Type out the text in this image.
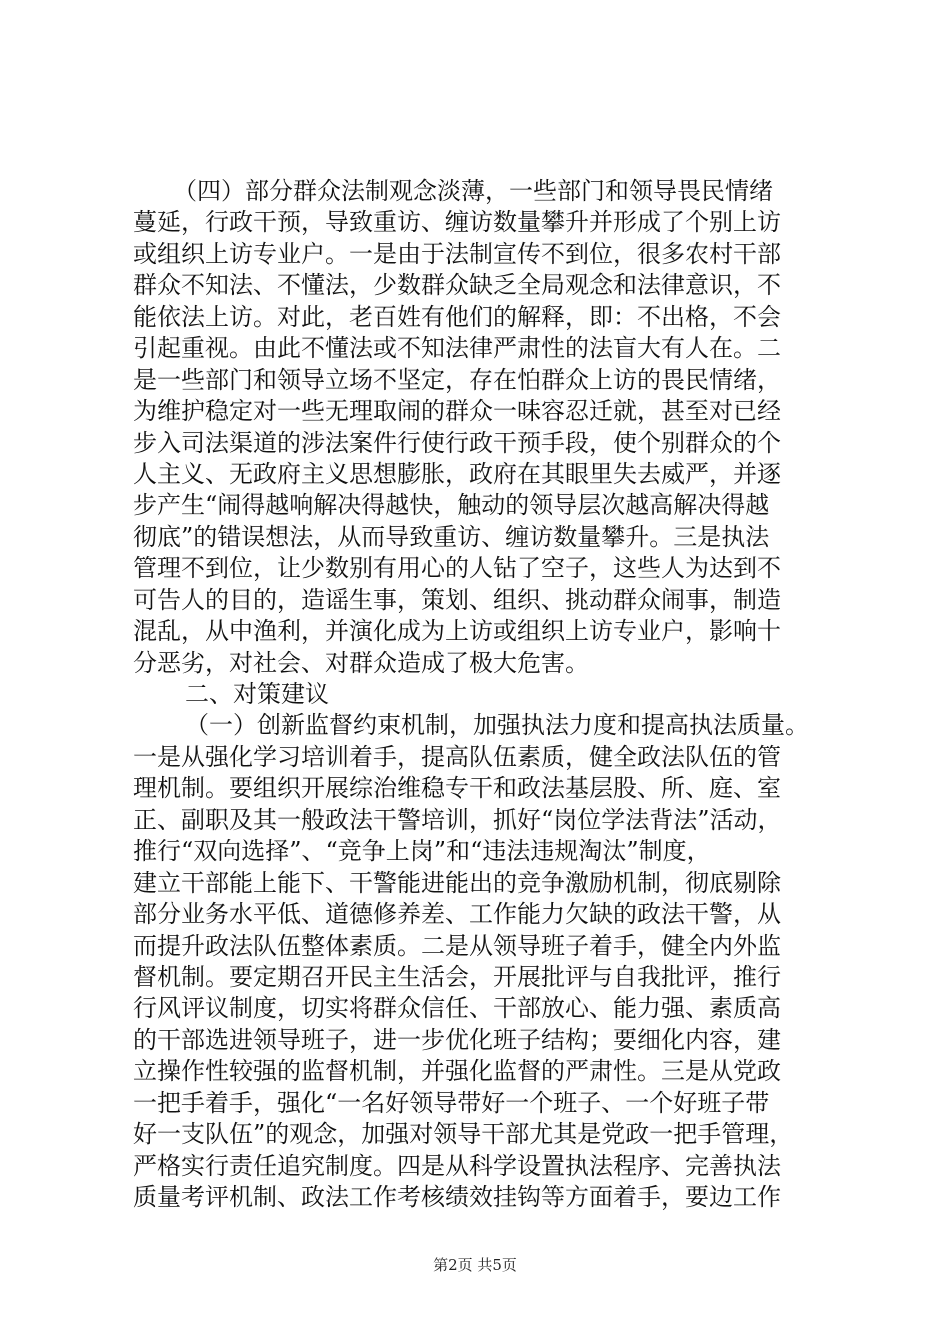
（四）部分群众法制观念淡薄，一些部门和领导畏民情绪
蔓延，行政干预，导致重访、缠访数量攀升并形成了个别上访
或组织上访专业户。一是由于法制宣传不到位，很多农村干部
群众不知法、不懂法，少数群众缺乏全局观念和法律意识，不
能依法上访。对此，老百姓有他们的解释，即：不出格，不会
引起重视。由此不懂法或不知法律严肃性的法盲大有人在。二
是一些部门和领导立场不坚定，存在怕群众上访的畏民情绪，
为维护稳定对一些无理取闹的群众一味容忍迁就，甚至对已经
步入司法渠道的涉法案件行使行政干预手段，使个别群众的个
人主义、无政府主义思想膨胀，政府在其眼里失去威严，并逐
步产生“闹得越响解决得越快，触动的领导层次越高解决得越
彻底”的错误想法，从而导致重访、缠访数量攀升。三是执法
管理不到位，让少数别有用心的人钻了空子，这些人为达到不
可告人的目的，造谣生事，策划、组织、挑动群众闹事，制造
混乱，从中渔利，并演化成为上访或组织上访专业户，影响十
分恶劣，对社会、对群众造成了极大危害。
二、对策建议
（一）创新监督约束机制，加强执法力度和提高执法质量。
一是从强化学习培训着手，提高队伍素质，健全政法队伍的管
理机制。要组织开展综治维稳专干和政法基层股、所、庭、室
正、副职及其一般政法干警培训，抓好“岗位学法背法”活动，
推行“双向选择”、“竞争上岗”和“违法违规淘汰”制度，
建立干部能上能下、干警能进能出的竞争激励机制，彻底剔除
部分业务水平低、道德修养差、工作能力欠缺的政法干警，从
而提升政法队伍整体素质。二是从领导班子着手，健全内外监
督机制。要定期召开民主生活会，开展批评与自我批评，推行
行风评议制度，切实将群众信任、干部放心、能力强、素质高
的干部选进领导班子，进一步优化班子结构；要细化内容，建
立操作性较强的监督机制，并强化监督的严肃性。三是从党政
一把手着手，强化“一名好领导带好一个班子、一个好班子带
好一支队伍”的观念，加强对领导干部尤其是党政一把手管理，
严格实行责任追究制度。四是从科学设置执法程序、完善执法
质量考评机制、政法工作考核绩效挂钩等方面着手，要边工作
第2页 共5页
